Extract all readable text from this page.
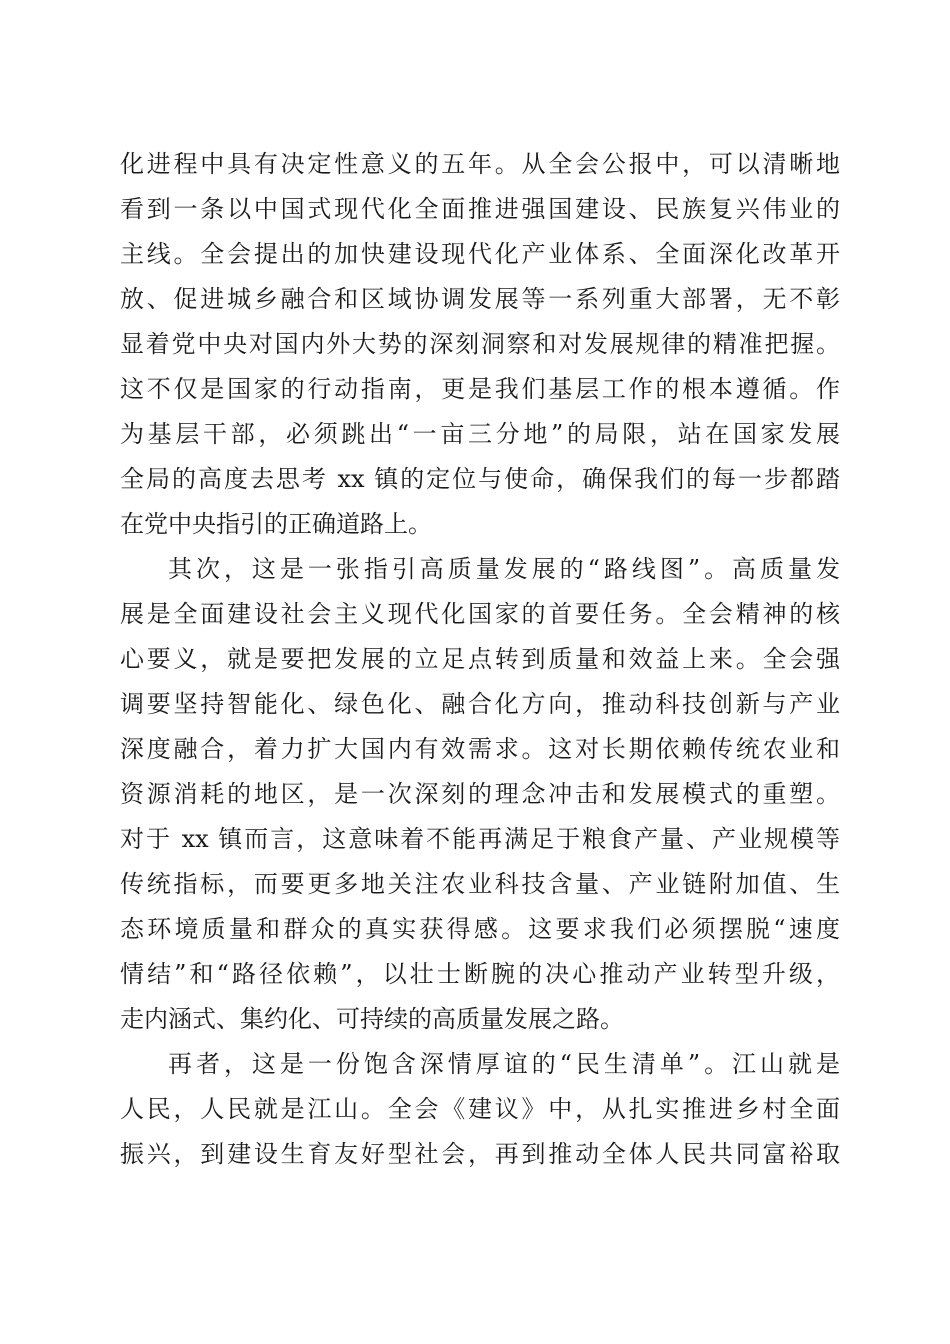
化进程中具有决定性意义的五年。从全会公报中，可以清晰地
看到一条以中国式现代化全面推进强国建设、民族复兴伟业的
主线。全会提出的加快建设现代化产业体系、全面深化改革开
放、促进城乡融合和区域协调发展等一系列重大部署，无不彰
显着党中央对国内外大势的深刻洞察和对发展规律的精准把握。
这不仅是国家的行动指南，更是我们基层工作的根本遵循。作
为基层干部，必须跳出“一亩三分地”的局限，站在国家发展
全局的高度去思考 xx 镇的定位与使命，确保我们的每一步都踏
在党中央指引的正确道路上。
其次，这是一张指引高质量发展的“路线图”。高质量发
展是全面建设社会主义现代化国家的首要任务。全会精神的核
心要义，就是要把发展的立足点转到质量和效益上来。全会强
调要坚持智能化、绿色化、融合化方向，推动科技创新与产业
深度融合，着力扩大国内有效需求。这对长期依赖传统农业和
资源消耗的地区，是一次深刻的理念冲击和发展模式的重塑。
对于 xx 镇而言，这意味着不能再满足于粮食产量、产业规模等
传统指标，而要更多地关注农业科技含量、产业链附加值、生
态环境质量和群众的真实获得感。这要求我们必须摆脱“速度
情结”和“路径依赖”，以壮士断腕的决心推动产业转型升级，
走内涵式、集约化、可持续的高质量发展之路。
再者，这是一份饱含深情厚谊的“民生清单”。江山就是
人民，人民就是江山。全会《建议》中，从扎实推进乡村全面
振兴，到建设生育友好型社会，再到推动全体人民共同富裕取
